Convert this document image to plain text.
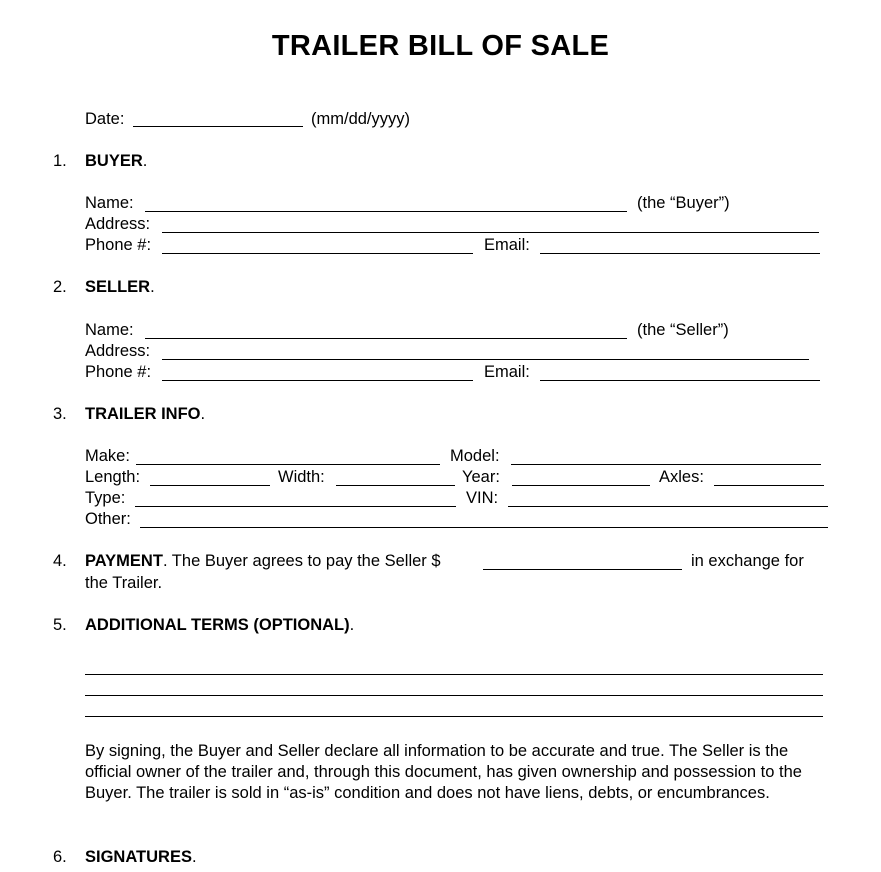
TRAILER BILL OF SALE
Date:	(mm/dd/yyyy)
1. BUYER.
Name:	(the “Buyer”)
Address:
Phone #:	Email:
2. SELLER.
Name:	(the “Seller”)
Address:
Phone #:	Email:
3. TRAILER INFO.
Make:	Model:
Length:	Width:	Year:	Axles:
Type:	VIN:
Other:
4. PAYMENT. The Buyer agrees to pay the Seller $	in exchange for
the Trailer.
5. ADDITIONAL TERMS (OPTIONAL).
By signing, the Buyer and Seller declare all information to be accurate and true. The Seller is the official owner of the trailer and, through this document, has given ownership and possession to the Buyer. The trailer is sold in “as-is” condition and does not have liens, debts, or encumbrances.
6. SIGNATURES.
